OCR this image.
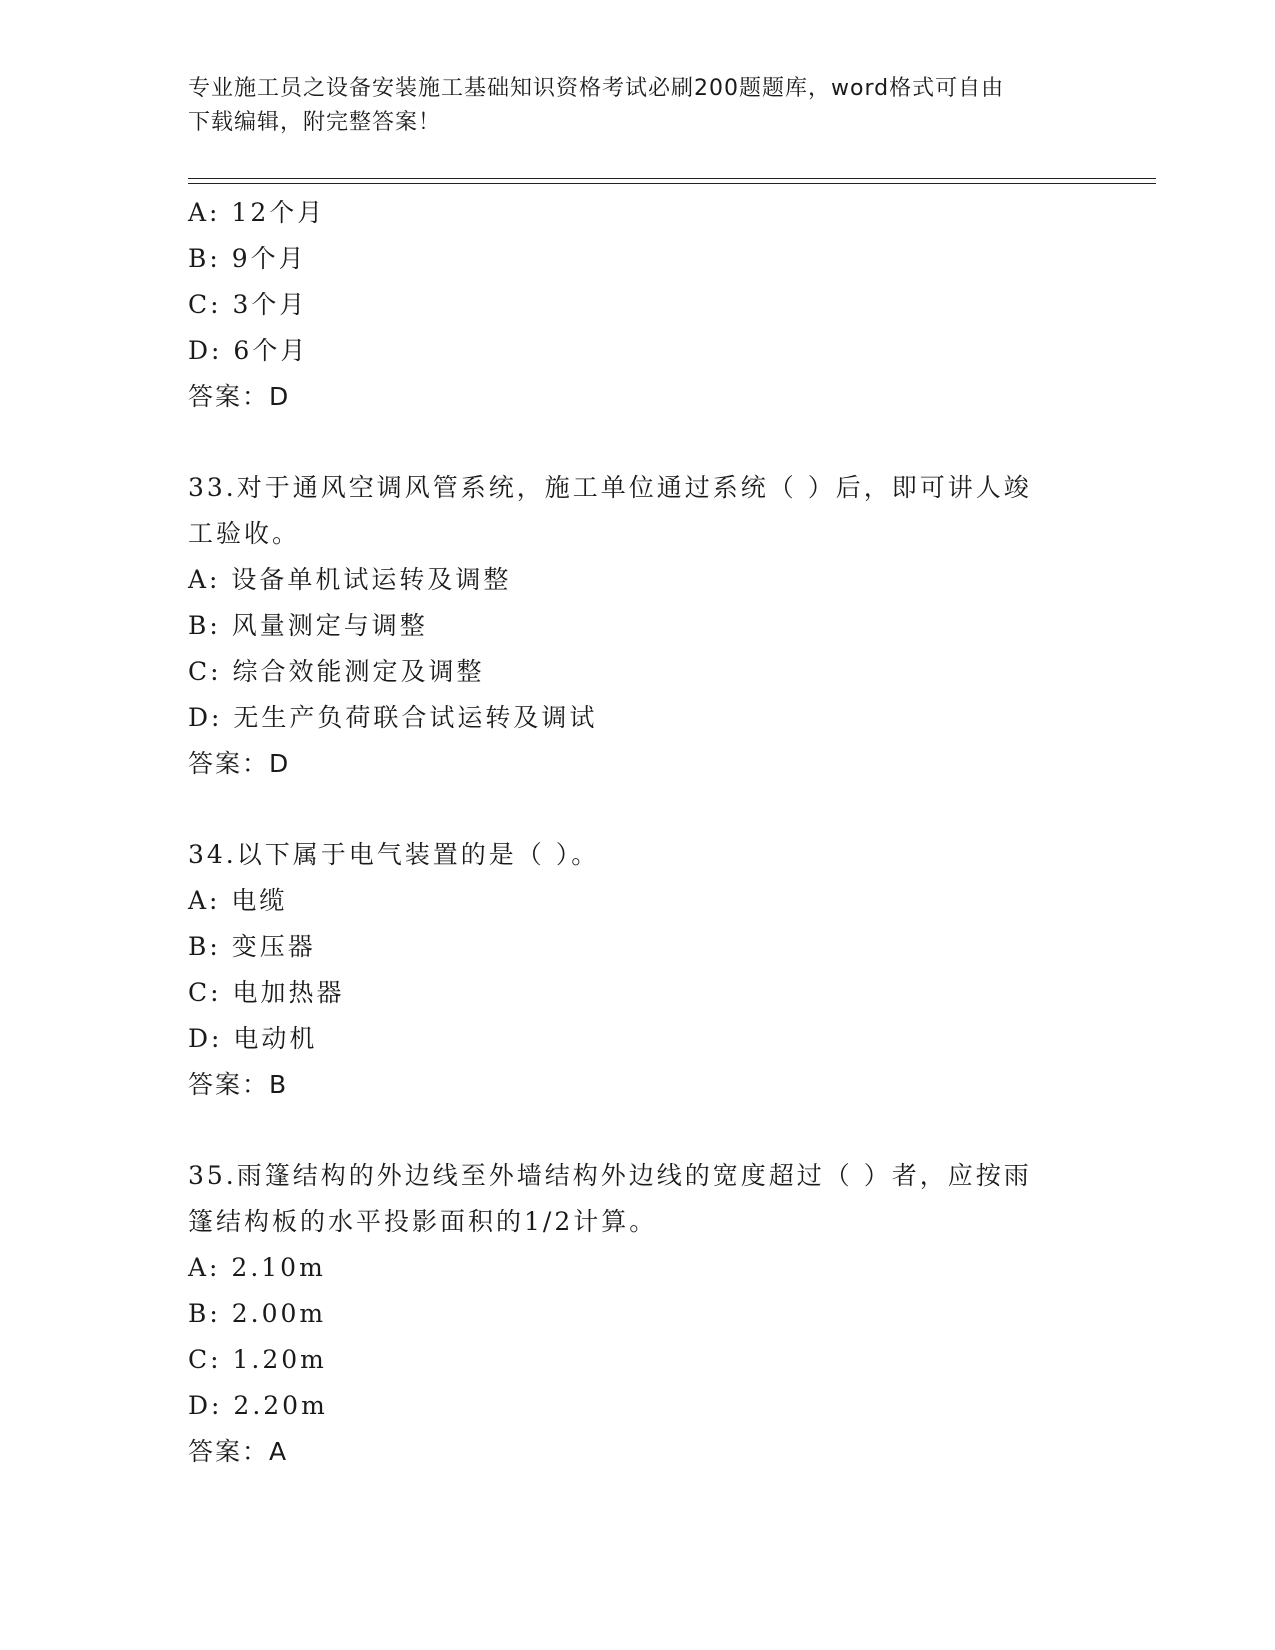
专业施工员之设备安装施工基础知识资格考试必刷200题题库，word格式可自由
下载编辑，附完整答案！
A: 12个月
B: 9个月
C: 3个月
D: 6个月
答案：D
33.对于通风空调风管系统，施工单位通过系统（ ）后，即可讲人竣
工验收。
A: 设备单机试运转及调整
B: 风量测定与调整
C: 综合效能测定及调整
D: 无生产负荷联合试运转及调试
答案：D
34.以下属于电气装置的是（ ）。
A: 电缆
B: 变压器
C: 电加热器
D: 电动机
答案：B
35.雨篷结构的外边线至外墙结构外边线的宽度超过（ ）者，应按雨
篷结构板的水平投影面积的1/2计算。
A: 2.10m
B: 2.00m
C: 1.20m
D: 2.20m
答案：A
